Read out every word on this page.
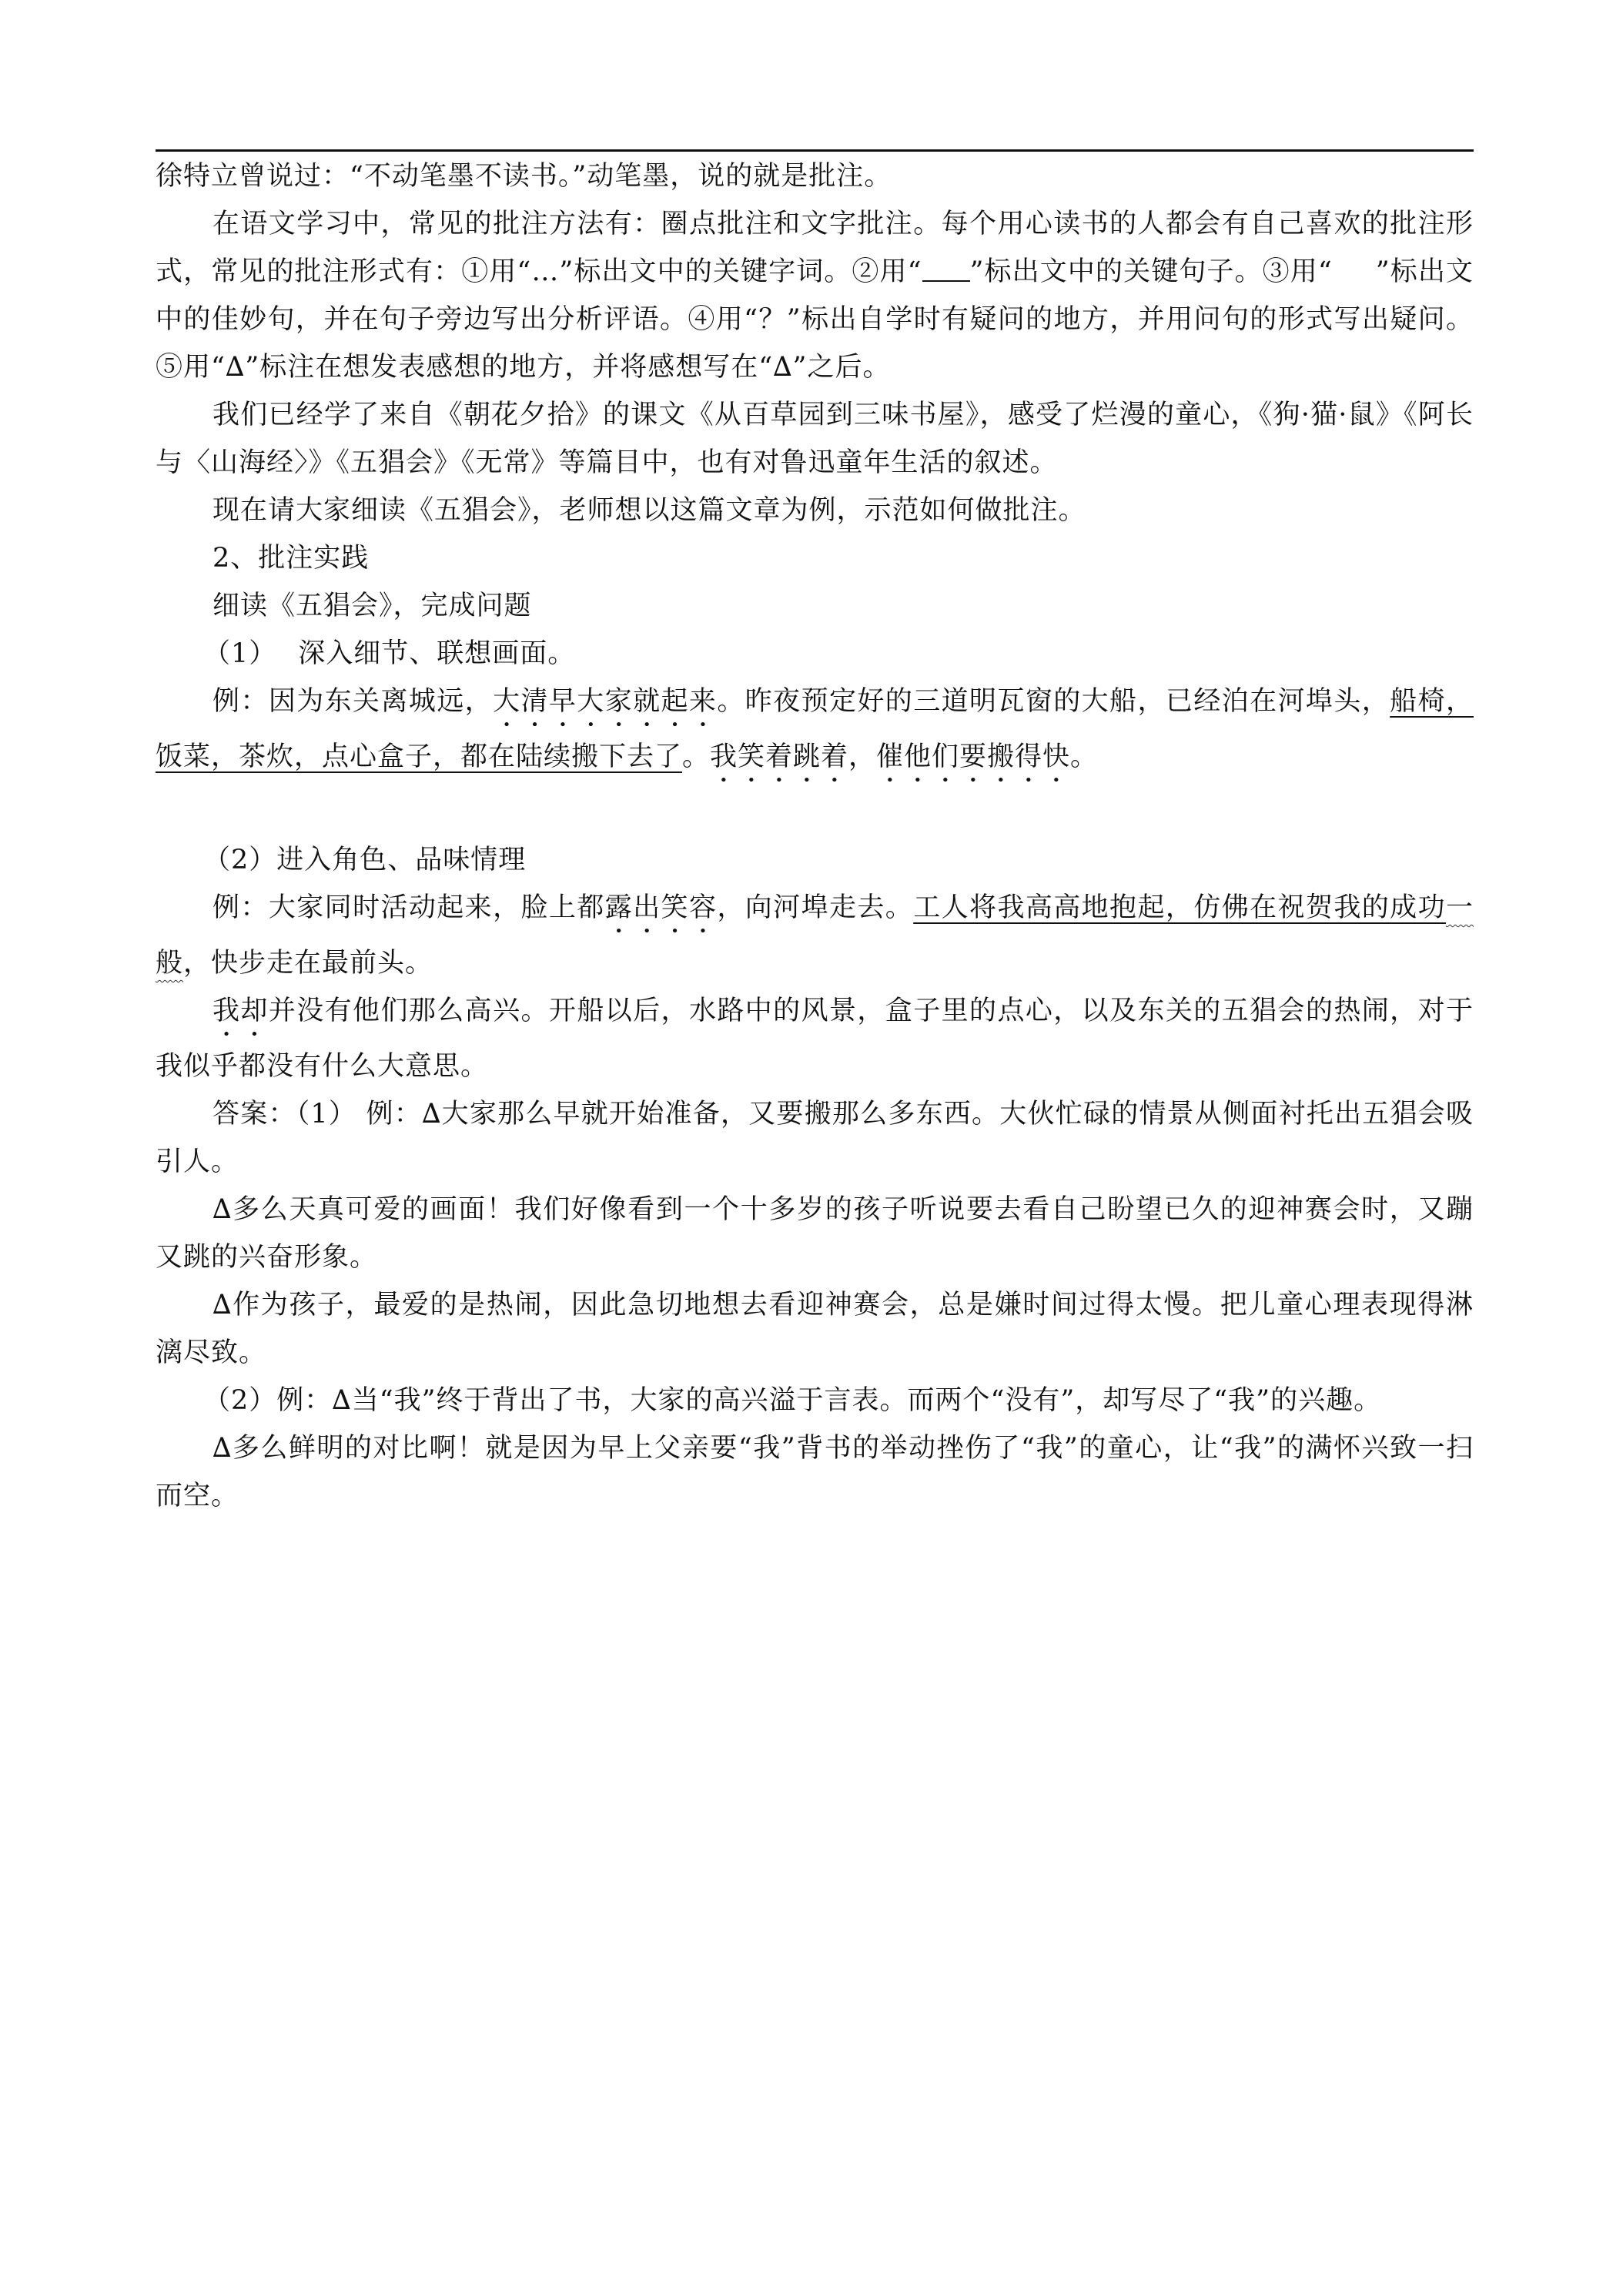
徐特立曾说过：“不动笔墨不读书。”动笔墨，说的就是批注。

在语文学习中，常见的批注方法有：圈点批注和文字批注。每个用心读书的人都会有自己喜欢的批注形式，常见的批注形式有：①用“…”标出文中的关键字词。②用“ ”标出文中的关键句子。③用“ ”标出文中的佳妙句，并在句子旁边写出分析评语。④用“？”标出自学时有疑问的地方，并用问句的形式写出疑问。⑤用“∆”标注在想发表感想的地方，并将感想写在“∆”之后。

我们已经学了来自《朝花夕拾》的课文《从百草园到三味书屋》，感受了烂漫的童心，《狗·猫·鼠》《阿长与〈山海经〉》《五猖会》《无常》等篇目中，也有对鲁迅童年生活的叙述。

现在请大家细读《五猖会》，老师想以这篇文章为例，示范如何做批注。

2、批注实践

细读《五猖会》，完成问题

（1） 深入细节、联想画面。

例：因为东关离城远，大清早大家就起来。昨夜预定好的三道明瓦窗的大船，已经泊在河埠头，船椅，饭菜，茶炊，点心盒子，都在陆续搬下去了。我笑着跳着，催他们要搬得快。

（2）进入角色、品味情理

例：大家同时活动起来，脸上都露出笑容，向河埠走去。工人将我高高地抱起，仿佛在祝贺我的成功一般，快步走在最前头。

我却并没有他们那么高兴。开船以后，水路中的风景，盒子里的点心，以及东关的五猖会的热闹，对于我似乎都没有什么大意思。

答案：（1） 例：∆大家那么早就开始准备，又要搬那么多东西。大伙忙碌的情景从侧面衬托出五猖会吸引人。

∆多么天真可爱的画面！我们好像看到一个十多岁的孩子听说要去看自己盼望已久的迎神赛会时，又蹦又跳的兴奋形象。

∆作为孩子，最爱的是热闹，因此急切地想去看迎神赛会，总是嫌时间过得太慢。把儿童心理表现得淋漓尽致。

（2）例：∆当“我”终于背出了书，大家的高兴溢于言表。而两个“没有”，却写尽了“我”的兴趣。

∆多么鲜明的对比啊！就是因为早上父亲要“我”背书的举动挫伤了“我”的童心，让“我”的满怀兴致一扫而空。
